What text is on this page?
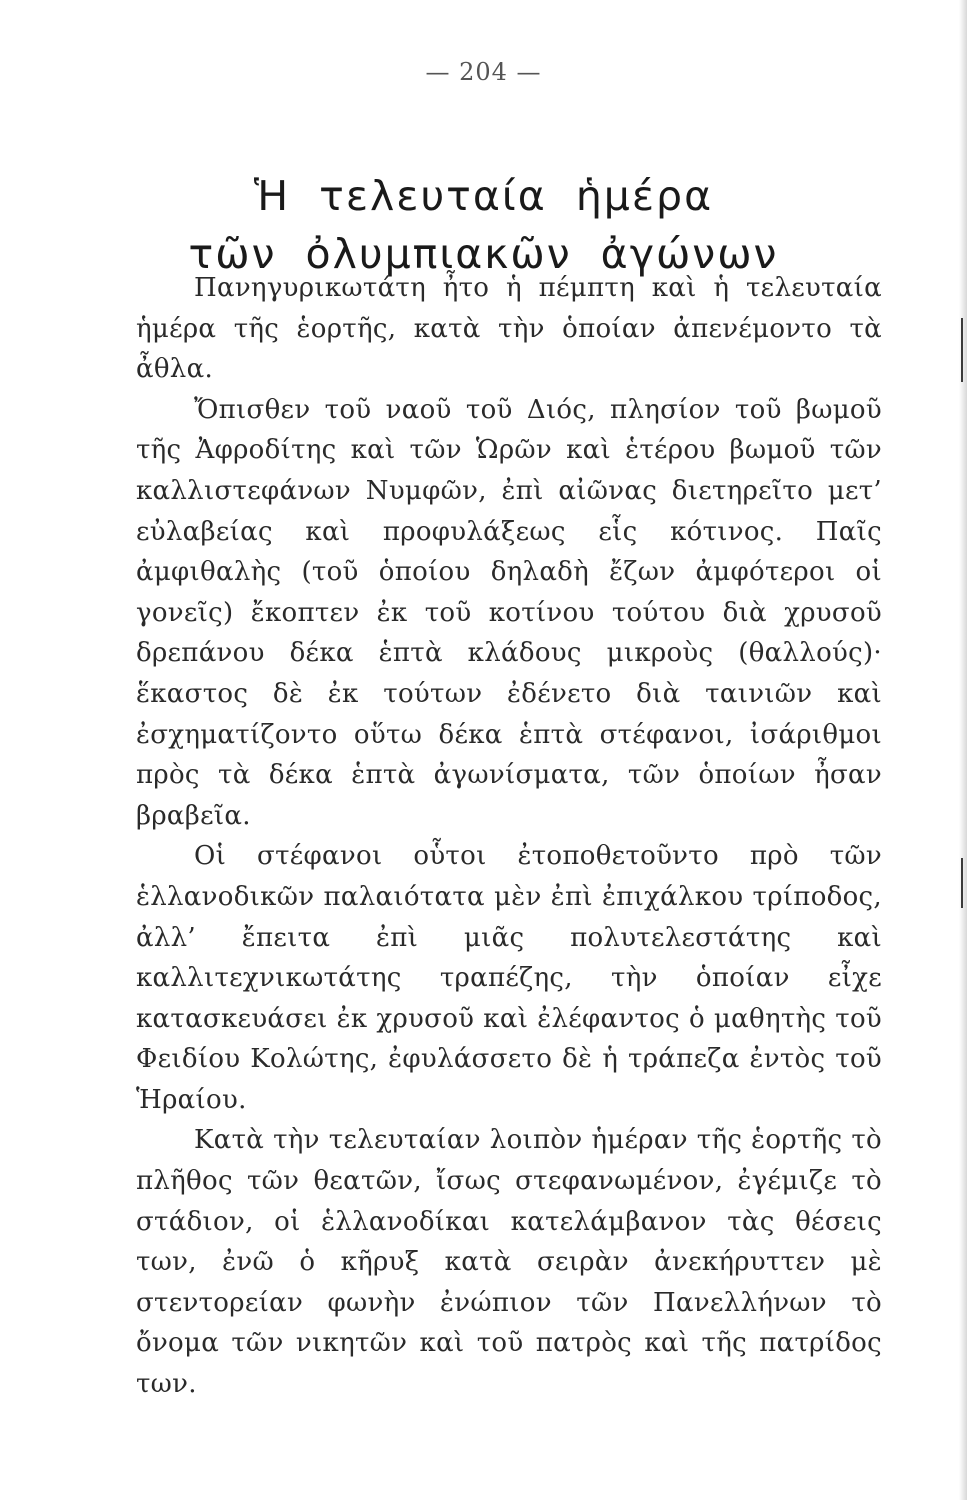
— 204 —
Ἡ τελευταία ἡμέρα
τῶν ὀλυμπιακῶν ἀγώνων

Πανηγυρικωτάτη ἦτο ἡ πέμπτη καὶ ἡ τελευταία ἡμέρα τῆς ἑορτῆς, κατὰ τὴν ὁποίαν ἀπενέμοντο τὰ ἆθλα.

Ὄπισθεν τοῦ ναοῦ τοῦ Διός, πλησίον τοῦ βωμοῦ τῆς Ἀφροδίτης καὶ τῶν Ὡρῶν καὶ ἑτέρου βωμοῦ τῶν καλλιστεφάνων Νυμφῶν, ἐπὶ αἰῶνας διετηρεῖτο μετ’ εὐλαβείας καὶ προφυλάξεως εἷς κότινος. Παῖς ἀμφιθαλὴς (τοῦ ὁποίου δηλαδὴ ἔζων ἀμφότεροι οἱ γονεῖς) ἔκοπτεν ἐκ τοῦ κοτίνου τούτου διὰ χρυσοῦ δρεπάνου δέκα ἑπτὰ κλάδους μικροὺς (θαλλούς)· ἕκαστος δὲ ἐκ τούτων ἐδένετο διὰ ταινιῶν καὶ ἐσχηματίζοντο οὕτω δέκα ἑπτὰ στέφανοι, ἰσάριθμοι πρὸς τὰ δέκα ἑπτὰ ἀγωνίσματα, τῶν ὁποίων ἦσαν βραβεῖα.

Οἱ στέφανοι οὗτοι ἐτοποθετοῦντο πρὸ τῶν ἑλλανοδικῶν παλαιότατα μὲν ἐπὶ ἐπιχάλκου τρίποδος, ἀλλ’ ἔπειτα ἐπὶ μιᾶς πολυτελεστάτης καὶ καλλιτεχνικωτάτης τραπέζης, τὴν ὁποίαν εἶχε κατασκευάσει ἐκ χρυσοῦ καὶ ἐλέφαντος ὁ μαθητὴς τοῦ Φειδίου Κολώτης, ἐφυλάσσετο δὲ ἡ τράπεζα ἐντὸς τοῦ Ἡραίου.

Κατὰ τὴν τελευταίαν λοιπὸν ἡμέραν τῆς ἑορτῆς τὸ πλῆθος τῶν θεατῶν, ἴσως στεφανωμένον, ἐγέμιζε τὸ στάδιον, οἱ ἑλλανοδίκαι κατελάμβανον τὰς θέσεις των, ἐνῶ ὁ κῆρυξ κατὰ σειρὰν ἀνεκήρυττεν μὲ στεντορείαν φωνὴν ἐνώπιον τῶν Πανελλήνων τὸ ὄνομα τῶν νικητῶν καὶ τοῦ πατρὸς καὶ τῆς πατρίδος των.
